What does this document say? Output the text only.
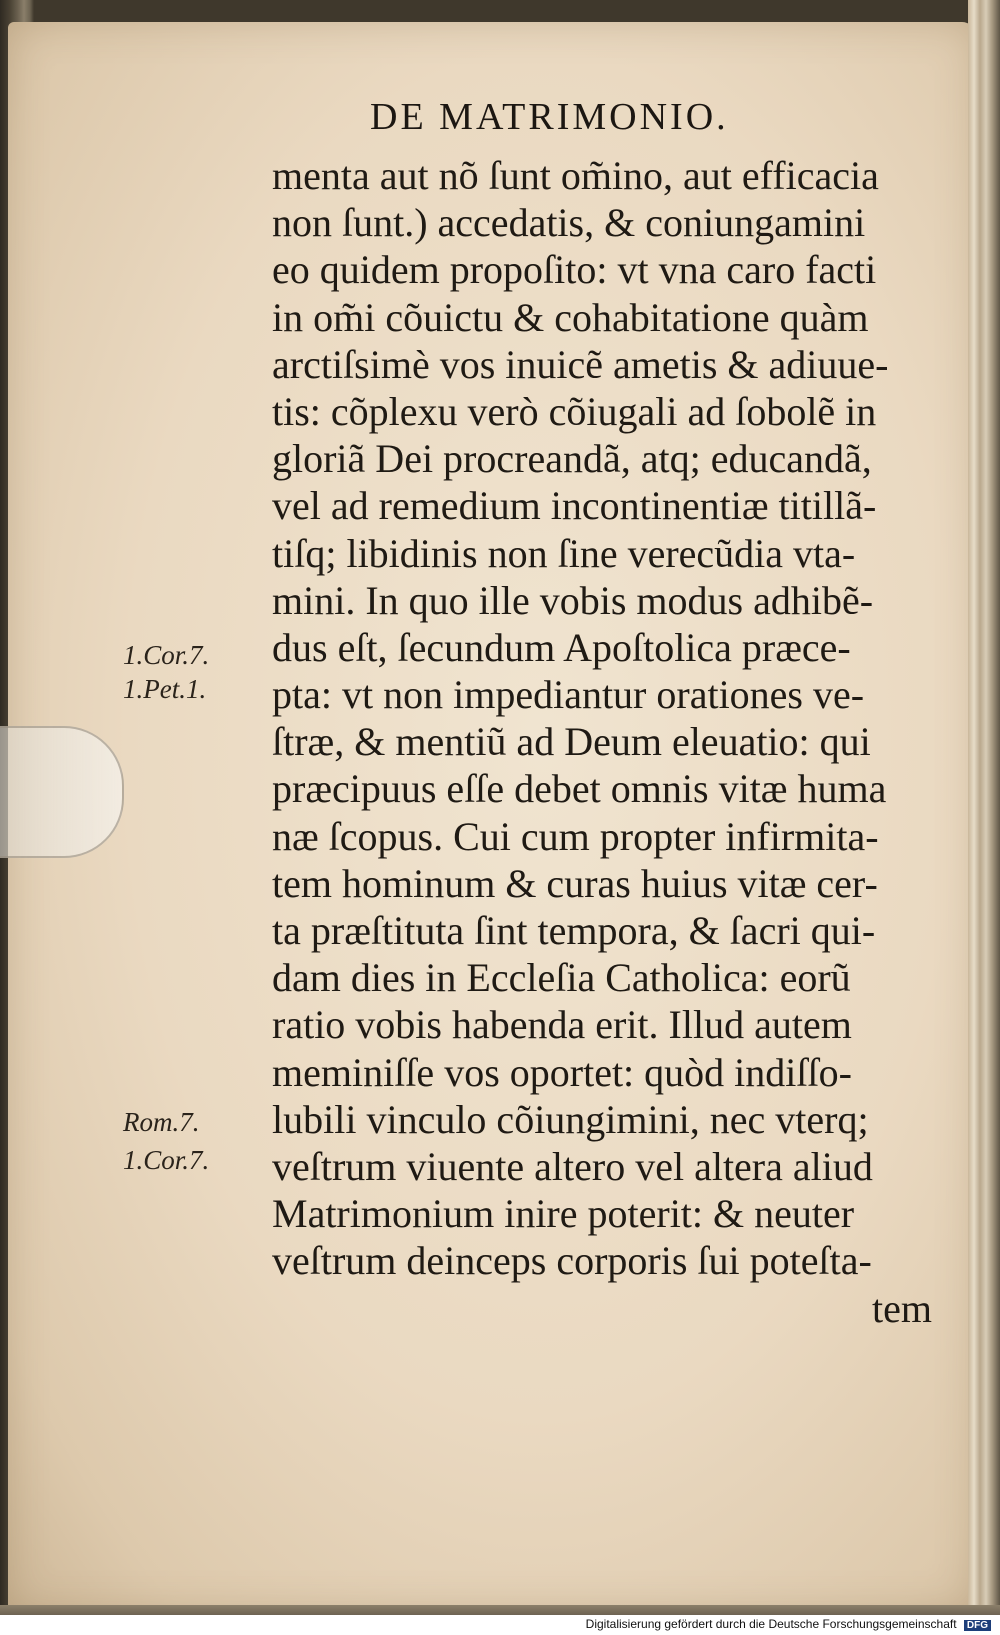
DE MATRIMONIO.
1.Cor.7.
1.Pet.1.
Rom.7.
1.Cor.7.
menta aut nõ ſunt om̃ino, aut efficacia
non ſunt.) accedatis, & coniungamini
eo quidem propoſito: vt vna caro facti
in om̃i cõuictu & cohabitatione quàm
arctiſsimè vos inuicẽ ametis & adiuue-
tis: cõplexu verò cõiugali ad ſobolẽ in
gloriã Dei procreandã, atq; educandã,
vel ad remedium incontinentiæ titillã-
tiſq; libidinis non ſine verecũdia vta-
mini. In quo ille vobis modus adhibẽ-
dus eſt, ſecundum Apoſtolica præce-
pta: vt non impediantur orationes ve-
ſtræ, & mentiũ ad Deum eleuatio: qui
præcipuus eſſe debet omnis vitæ huma
næ ſcopus. Cui cum propter infirmita-
tem hominum & curas huius vitæ cer-
ta præſtituta ſint tempora, & ſacri qui-
dam dies in Eccleſia Catholica: eorũ
ratio vobis habenda erit. Illud autem
meminiſſe vos oportet: quòd indiſſo-
lubili vinculo cõiungimini, nec vterq;
veſtrum viuente altero vel altera aliud
Matrimonium inire poterit: & neuter
veſtrum deinceps corporis ſui poteſta-
tem
Digitalisierung gefördert durch die Deutsche Forschungsgemeinschaft DFG
